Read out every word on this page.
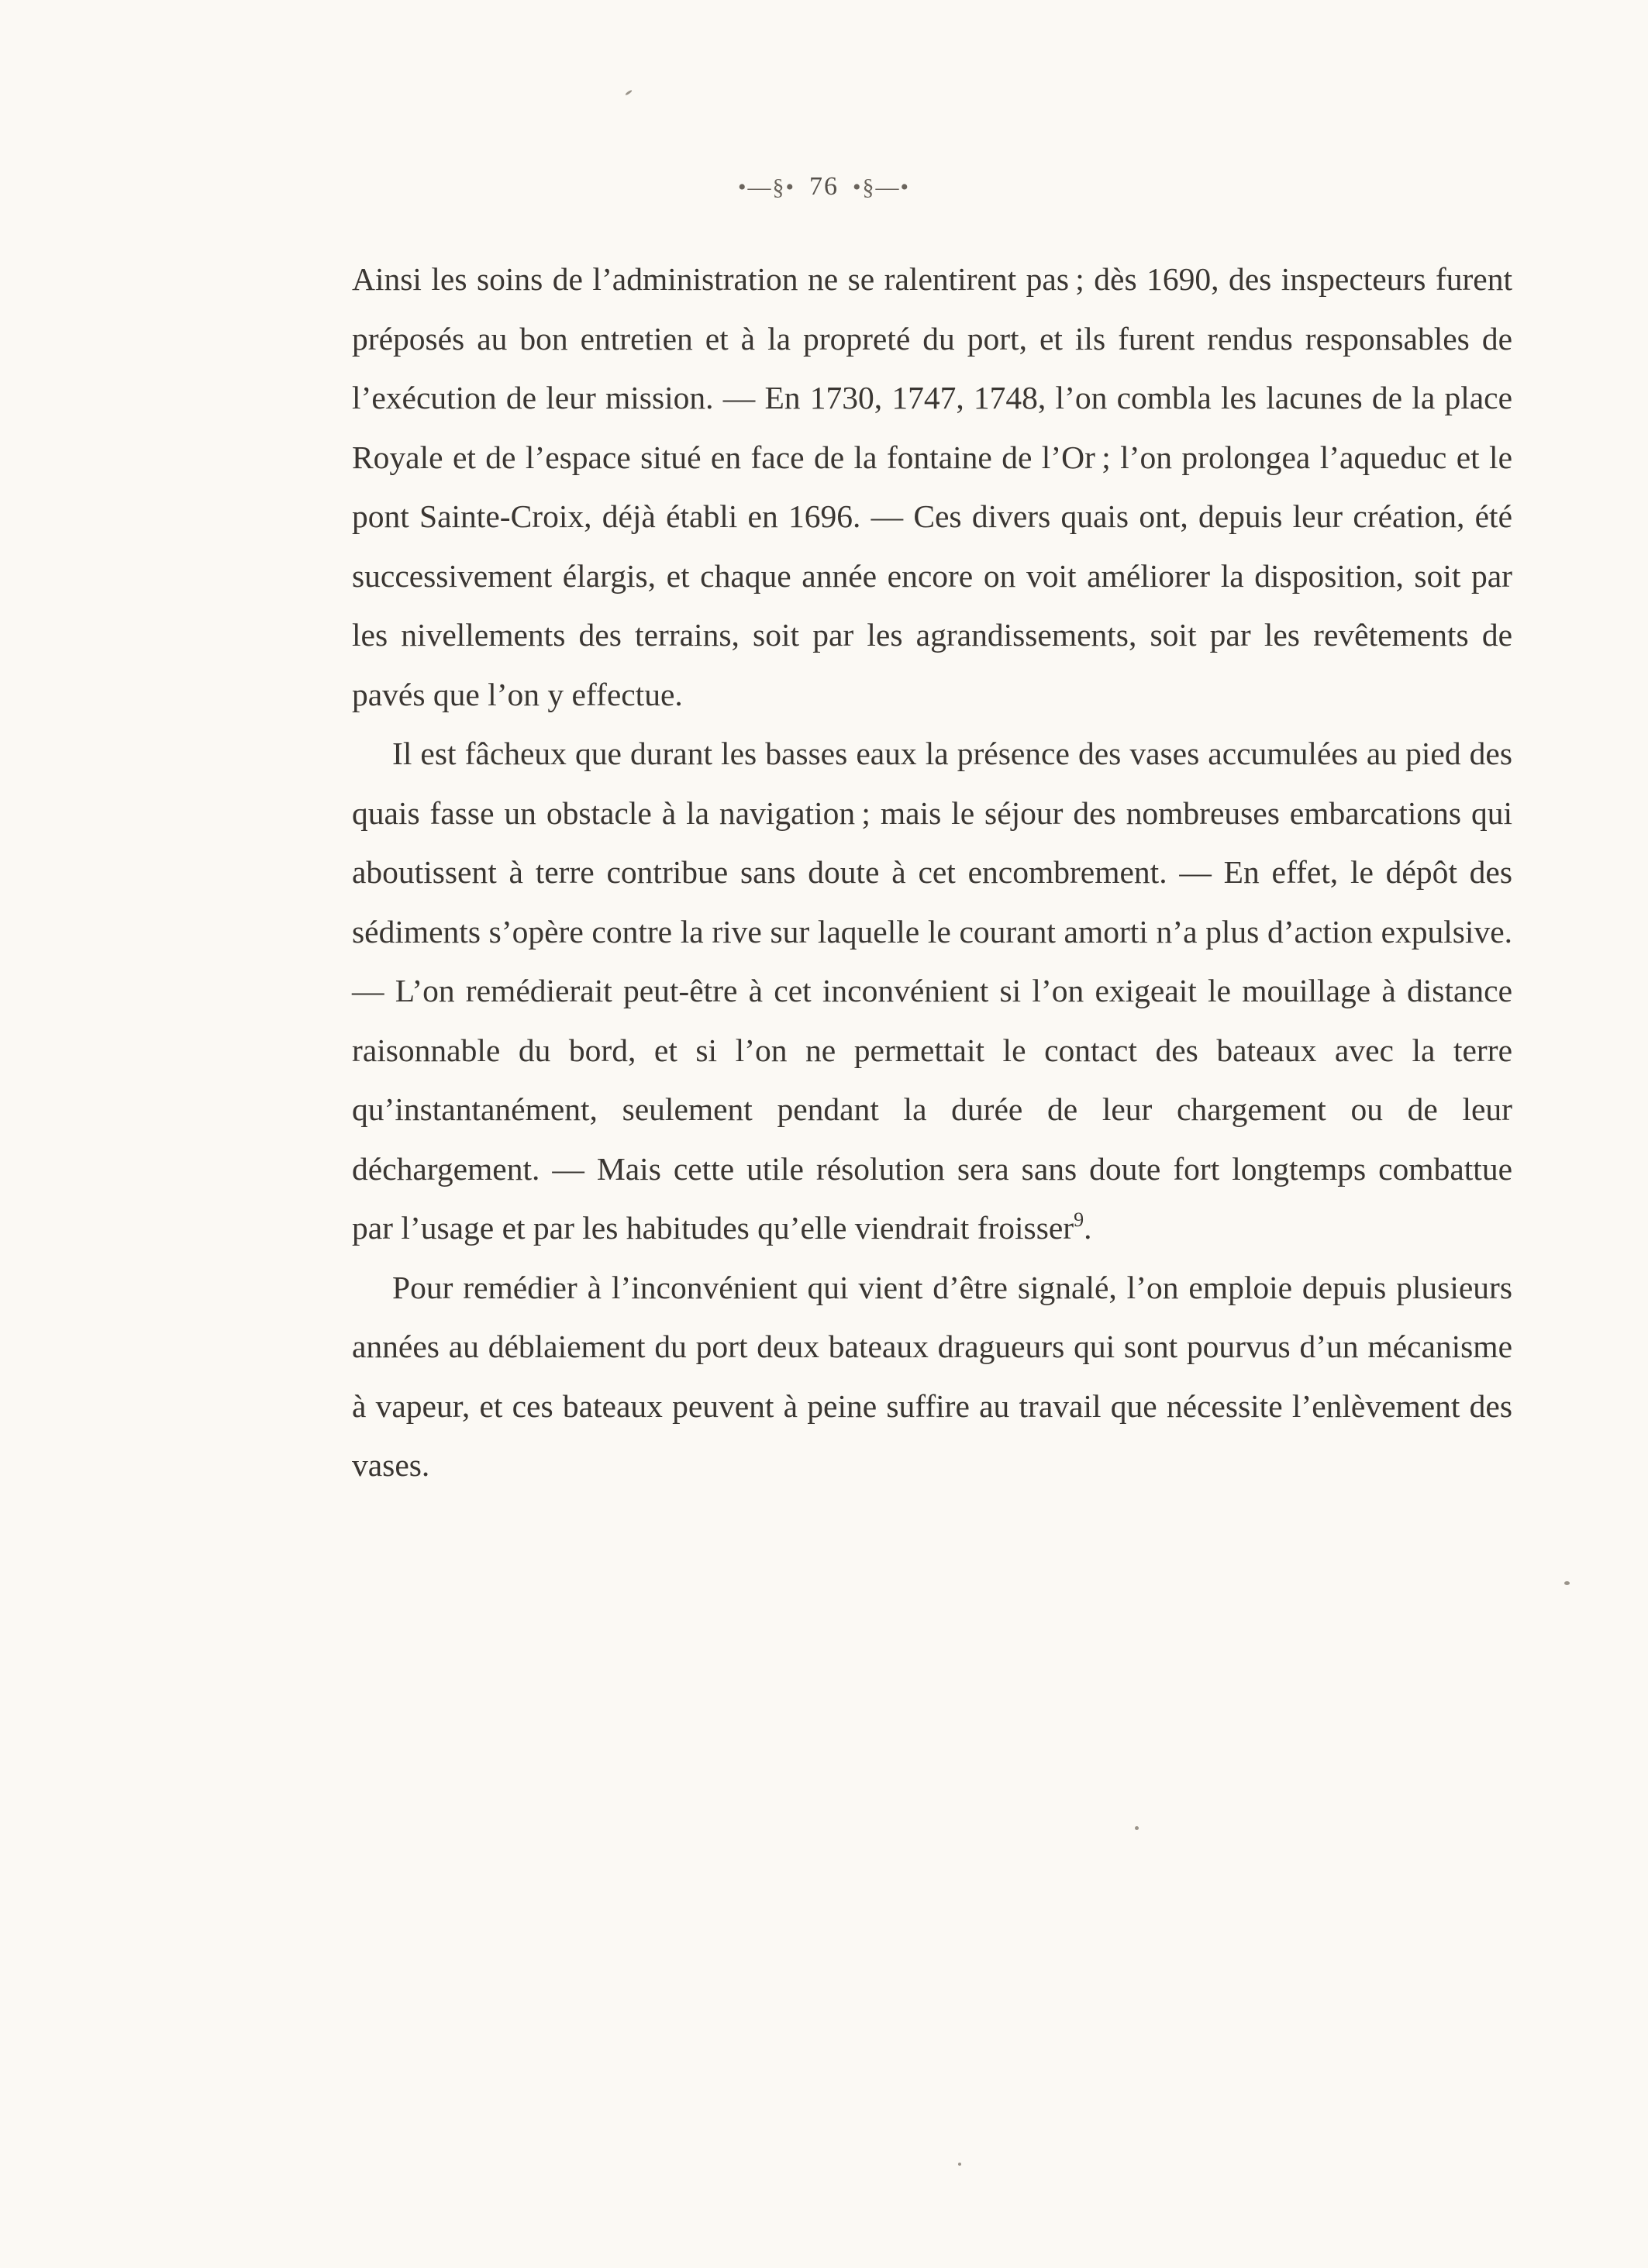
•—§• 76 •§—•

Ainsi les soins de l’administration ne se ralentirent pas ; dès 1690, des inspecteurs furent préposés au bon entretien et à la propreté du port, et ils furent rendus responsables de l’exécution de leur mission. — En 1730, 1747, 1748, l’on combla les lacunes de la place Royale et de l’espace situé en face de la fontaine de l’Or ; l’on prolongea l’aqueduc et le pont Sainte-Croix, déjà établi en 1696. — Ces divers quais ont, depuis leur création, été successivement élargis, et chaque année encore on voit améliorer la disposition, soit par les nivellements des terrains, soit par les agrandissements, soit par les revêtements de pavés que l’on y effectue.

Il est fâcheux que durant les basses eaux la présence des vases accumulées au pied des quais fasse un obstacle à la navigation ; mais le séjour des nombreuses embarcations qui aboutissent à terre contribue sans doute à cet encombrement. — En effet, le dépôt des sédiments s’opère contre la rive sur laquelle le courant amorti n’a plus d’action expulsive. — L’on remédierait peut-être à cet inconvénient si l’on exigeait le mouillage à distance raisonnable du bord, et si l’on ne permettait le contact des bateaux avec la terre qu’instantanément, seulement pendant la durée de leur chargement ou de leur déchargement. — Mais cette utile résolution sera sans doute fort longtemps combattue par l’usage et par les habitudes qu’elle viendrait froisser$^9$.

Pour remédier à l’inconvénient qui vient d’être signalé, l’on emploie depuis plusieurs années au déblaiement du port deux bateaux dragueurs qui sont pourvus d’un mécanisme à vapeur, et ces bateaux peuvent à peine suffire au travail que nécessite l’enlèvement des vases.
